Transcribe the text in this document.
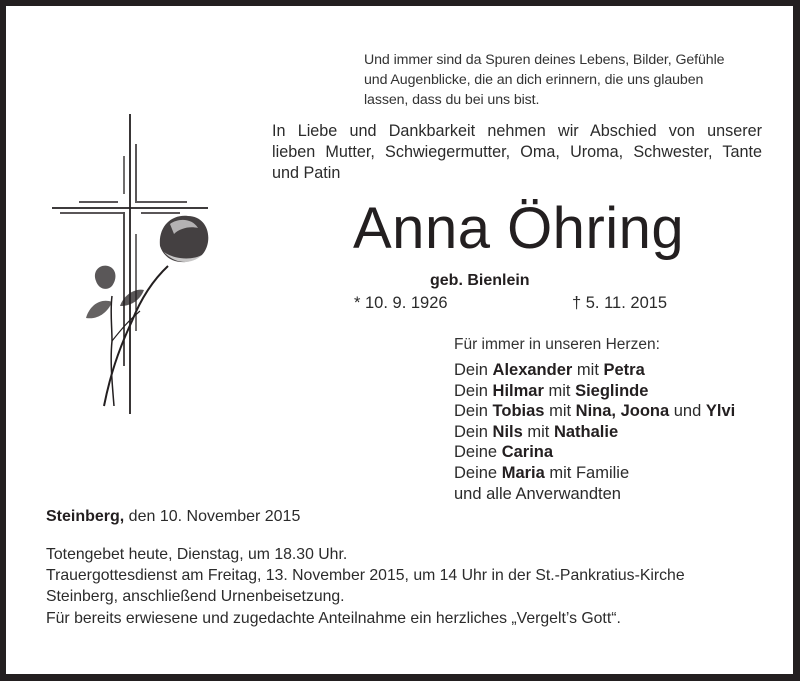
Und immer sind da Spuren deines Lebens, Bilder, Gefühle
und Augenblicke, die an dich erinnern, die uns glauben
lassen, dass du bei uns bist.
In Liebe und Dankbarkeit nehmen wir Abschied von unserer
lieben Mutter, Schwiegermutter, Oma, Uroma, Schwester, Tante
und Patin
Anna Öhring
geb. Bienlein
* 10. 9. 1926	† 5. 11. 2015
Für immer in unseren Herzen:
Dein Alexander mit Petra
Dein Hilmar mit Sieglinde
Dein Tobias mit Nina, Joona und Ylvi
Dein Nils mit Nathalie
Deine Carina
Deine Maria mit Familie
und alle Anverwandten
Steinberg, den 10. November 2015
Totengebet heute, Dienstag, um 18.30 Uhr.
Trauergottesdienst am Freitag, 13. November 2015, um 14 Uhr in der St.-Pankratius-Kirche
Steinberg, anschließend Urnenbeisetzung.
Für bereits erwiesene und zugedachte Anteilnahme ein herzliches „Vergelt’s Gott“.
